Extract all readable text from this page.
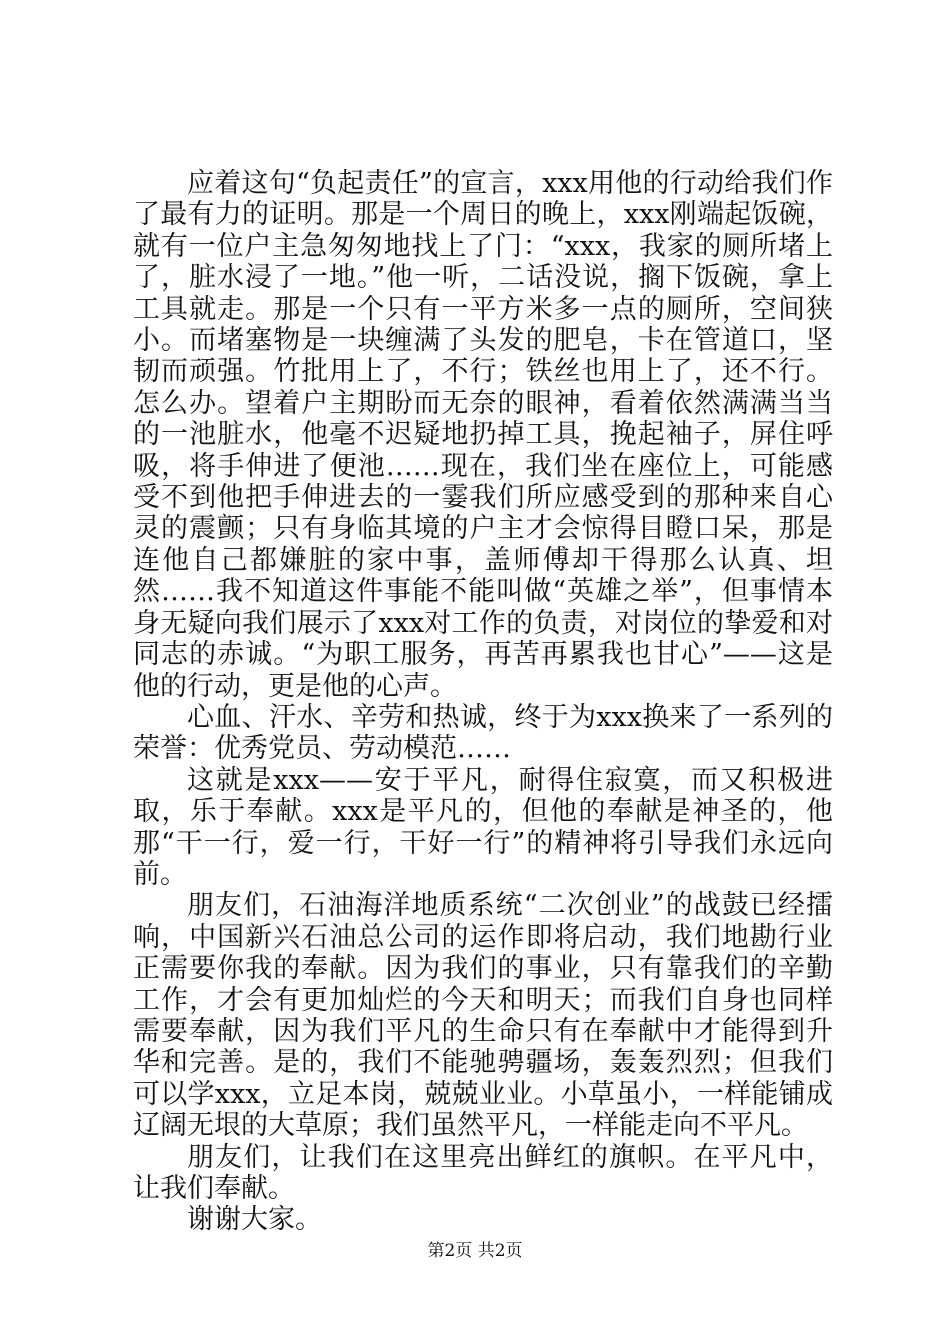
应着这句“负起责任”的宣言，xxx用他的行动给我们作了最有力的证明。那是一个周日的晚上，xxx刚端起饭碗，就有一位户主急匆匆地找上了门：“xxx，我家的厕所堵上了，脏水浸了一地。”他一听，二话没说，搁下饭碗，拿上工具就走。那是一个只有一平方米多一点的厕所，空间狭小。而堵塞物是一块缠满了头发的肥皂，卡在管道口，坚韧而顽强。竹批用上了，不行；铁丝也用上了，还不行。怎么办。望着户主期盼而无奈的眼神，看着依然满满当当的一池脏水，他毫不迟疑地扔掉工具，挽起袖子，屏住呼吸，将手伸进了便池……现在，我们坐在座位上，可能感受不到他把手伸进去的一霎我们所应感受到的那种来自心灵的震颤；只有身临其境的户主才会惊得目瞪口呆，那是连他自己都嫌脏的家中事，盖师傅却干得那么认真、坦然……我不知道这件事能不能叫做“英雄之举”，但事情本身无疑向我们展示了xxx对工作的负责，对岗位的挚爱和对同志的赤诚。“为职工服务，再苦再累我也甘心”——这是他的行动，更是他的心声。

心血、汗水、辛劳和热诚，终于为xxx换来了一系列的荣誉：优秀党员、劳动模范……

这就是xxx——安于平凡，耐得住寂寞，而又积极进取，乐于奉献。xxx是平凡的，但他的奉献是神圣的，他那“干一行，爱一行，干好一行”的精神将引导我们永远向前。

朋友们，石油海洋地质系统“二次创业”的战鼓已经擂响，中国新兴石油总公司的运作即将启动，我们地勘行业正需要你我的奉献。因为我们的事业，只有靠我们的辛勤工作，才会有更加灿烂的今天和明天；而我们自身也同样需要奉献，因为我们平凡的生命只有在奉献中才能得到升华和完善。是的，我们不能驰骋疆场，轰轰烈烈；但我们可以学xxx，立足本岗，兢兢业业。小草虽小，一样能铺成辽阔无垠的大草原；我们虽然平凡，一样能走向不平凡。

朋友们，让我们在这里亮出鲜红的旗帜。在平凡中，让我们奉献。

谢谢大家。

第2页 共2页
